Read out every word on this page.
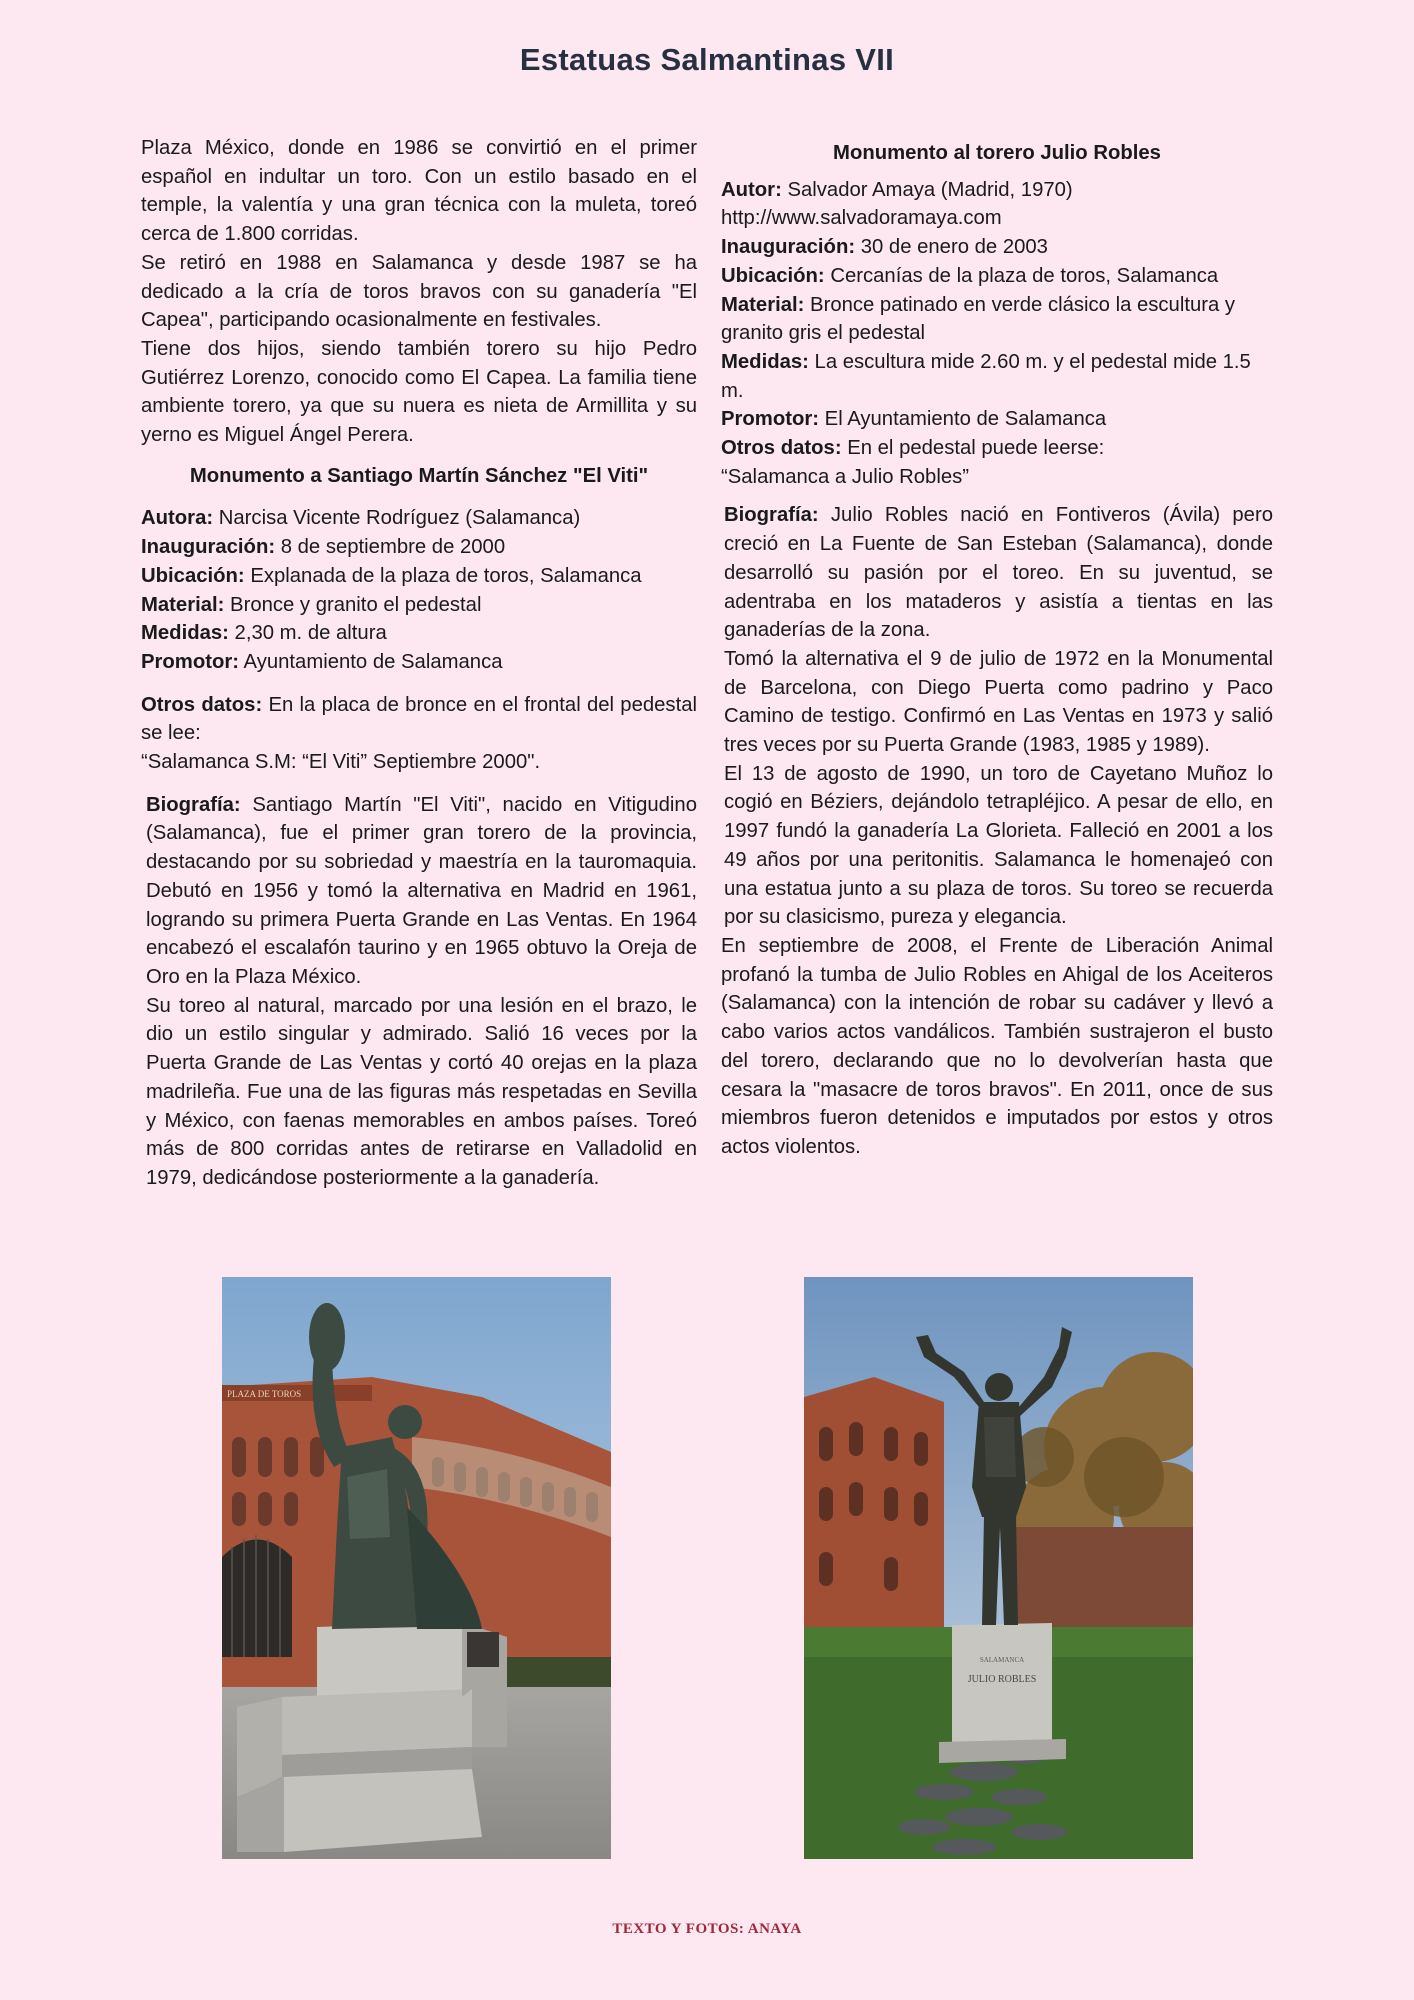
Estatuas Salmantinas VII

Plaza México, donde en 1986 se convirtió en el primer español en indultar un toro. Con un estilo basado en el temple, la valentía y una gran técnica con la muleta, toreó cerca de 1.800 corridas.

Se retiró en 1988 en Salamanca y desde 1987 se ha dedicado a la cría de toros bravos con su ganadería "El Capea", participando ocasionalmente en festivales.

Tiene dos hijos, siendo también torero su hijo Pedro Gutiérrez Lorenzo, conocido como El Capea. La familia tiene ambiente torero, ya que su nuera es nieta de Armillita y su yerno es Miguel Ángel Perera.

Monumento a Santiago Martín Sánchez "El Viti"

Autora: Narcisa Vicente Rodríguez (Salamanca)

Inauguración: 8 de septiembre de 2000

Ubicación: Explanada de la plaza de toros, Salamanca

Material: Bronce y granito el pedestal

Medidas: 2,30 m. de altura

Promotor: Ayuntamiento de Salamanca

Otros datos: En la placa de bronce en el frontal del pedestal se lee:

“Salamanca S.M: “El Viti” Septiembre 2000".

Biografía: Santiago Martín "El Viti", nacido en Vitigudino (Salamanca), fue el primer gran torero de la provincia, destacando por su sobriedad y maestría en la tauromaquia. Debutó en 1956 y tomó la alternativa en Madrid en 1961, logrando su primera Puerta Grande en Las Ventas. En 1964 encabezó el escalafón taurino y en 1965 obtuvo la Oreja de Oro en la Plaza México.

Su toreo al natural, marcado por una lesión en el brazo, le dio un estilo singular y admirado. Salió 16 veces por la Puerta Grande de Las Ventas y cortó 40 orejas en la plaza madrileña. Fue una de las figuras más respetadas en Sevilla y México, con faenas memorables en ambos países. Toreó más de 800 corridas antes de retirarse en Valladolid en 1979, dedicándose posteriormente a la ganadería.

Monumento al torero Julio Robles

Autor: Salvador Amaya (Madrid, 1970)

http://www.salvadoramaya.com

Inauguración: 30 de enero de 2003

Ubicación: Cercanías de la plaza de toros, Salamanca

Material: Bronce patinado en verde clásico la escultura y granito gris el pedestal

Medidas: La escultura mide 2.60 m. y el pedestal mide 1.5 m.

Promotor: El Ayuntamiento de Salamanca

Otros datos: En el pedestal puede leerse:

“Salamanca a Julio Robles”

Biografía: Julio Robles nació en Fontiveros (Ávila) pero creció en La Fuente de San Esteban (Salamanca), donde desarrolló su pasión por el toreo. En su juventud, se adentraba en los mataderos y asistía a tientas en las ganaderías de la zona.

Tomó la alternativa el 9 de julio de 1972 en la Monumental de Barcelona, con Diego Puerta como padrino y Paco Camino de testigo. Confirmó en Las Ventas en 1973 y salió tres veces por su Puerta Grande (1983, 1985 y 1989).

El 13 de agosto de 1990, un toro de Cayetano Muñoz lo cogió en Béziers, dejándolo tetrapléjico. A pesar de ello, en 1997 fundó la ganadería La Glorieta. Falleció en 2001 a los 49 años por una peritonitis. Salamanca le homenajeó con una estatua junto a su plaza de toros. Su toreo se recuerda por su clasicismo, pureza y elegancia.

En septiembre de 2008, el Frente de Liberación Animal profanó la tumba de Julio Robles en Ahigal de los Aceiteros (Salamanca) con la intención de robar su cadáver y llevó a cabo varios actos vandálicos. También sustrajeron el busto del torero, declarando que no lo devolverían hasta que cesara la "masacre de toros bravos". En 2011, once de sus miembros fueron detenidos e imputados por estos y otros actos violentos.

PLAZA DE TOROS
SALAMANCA
JULIO ROBLES
TEXTO Y FOTOS: ANAYA
